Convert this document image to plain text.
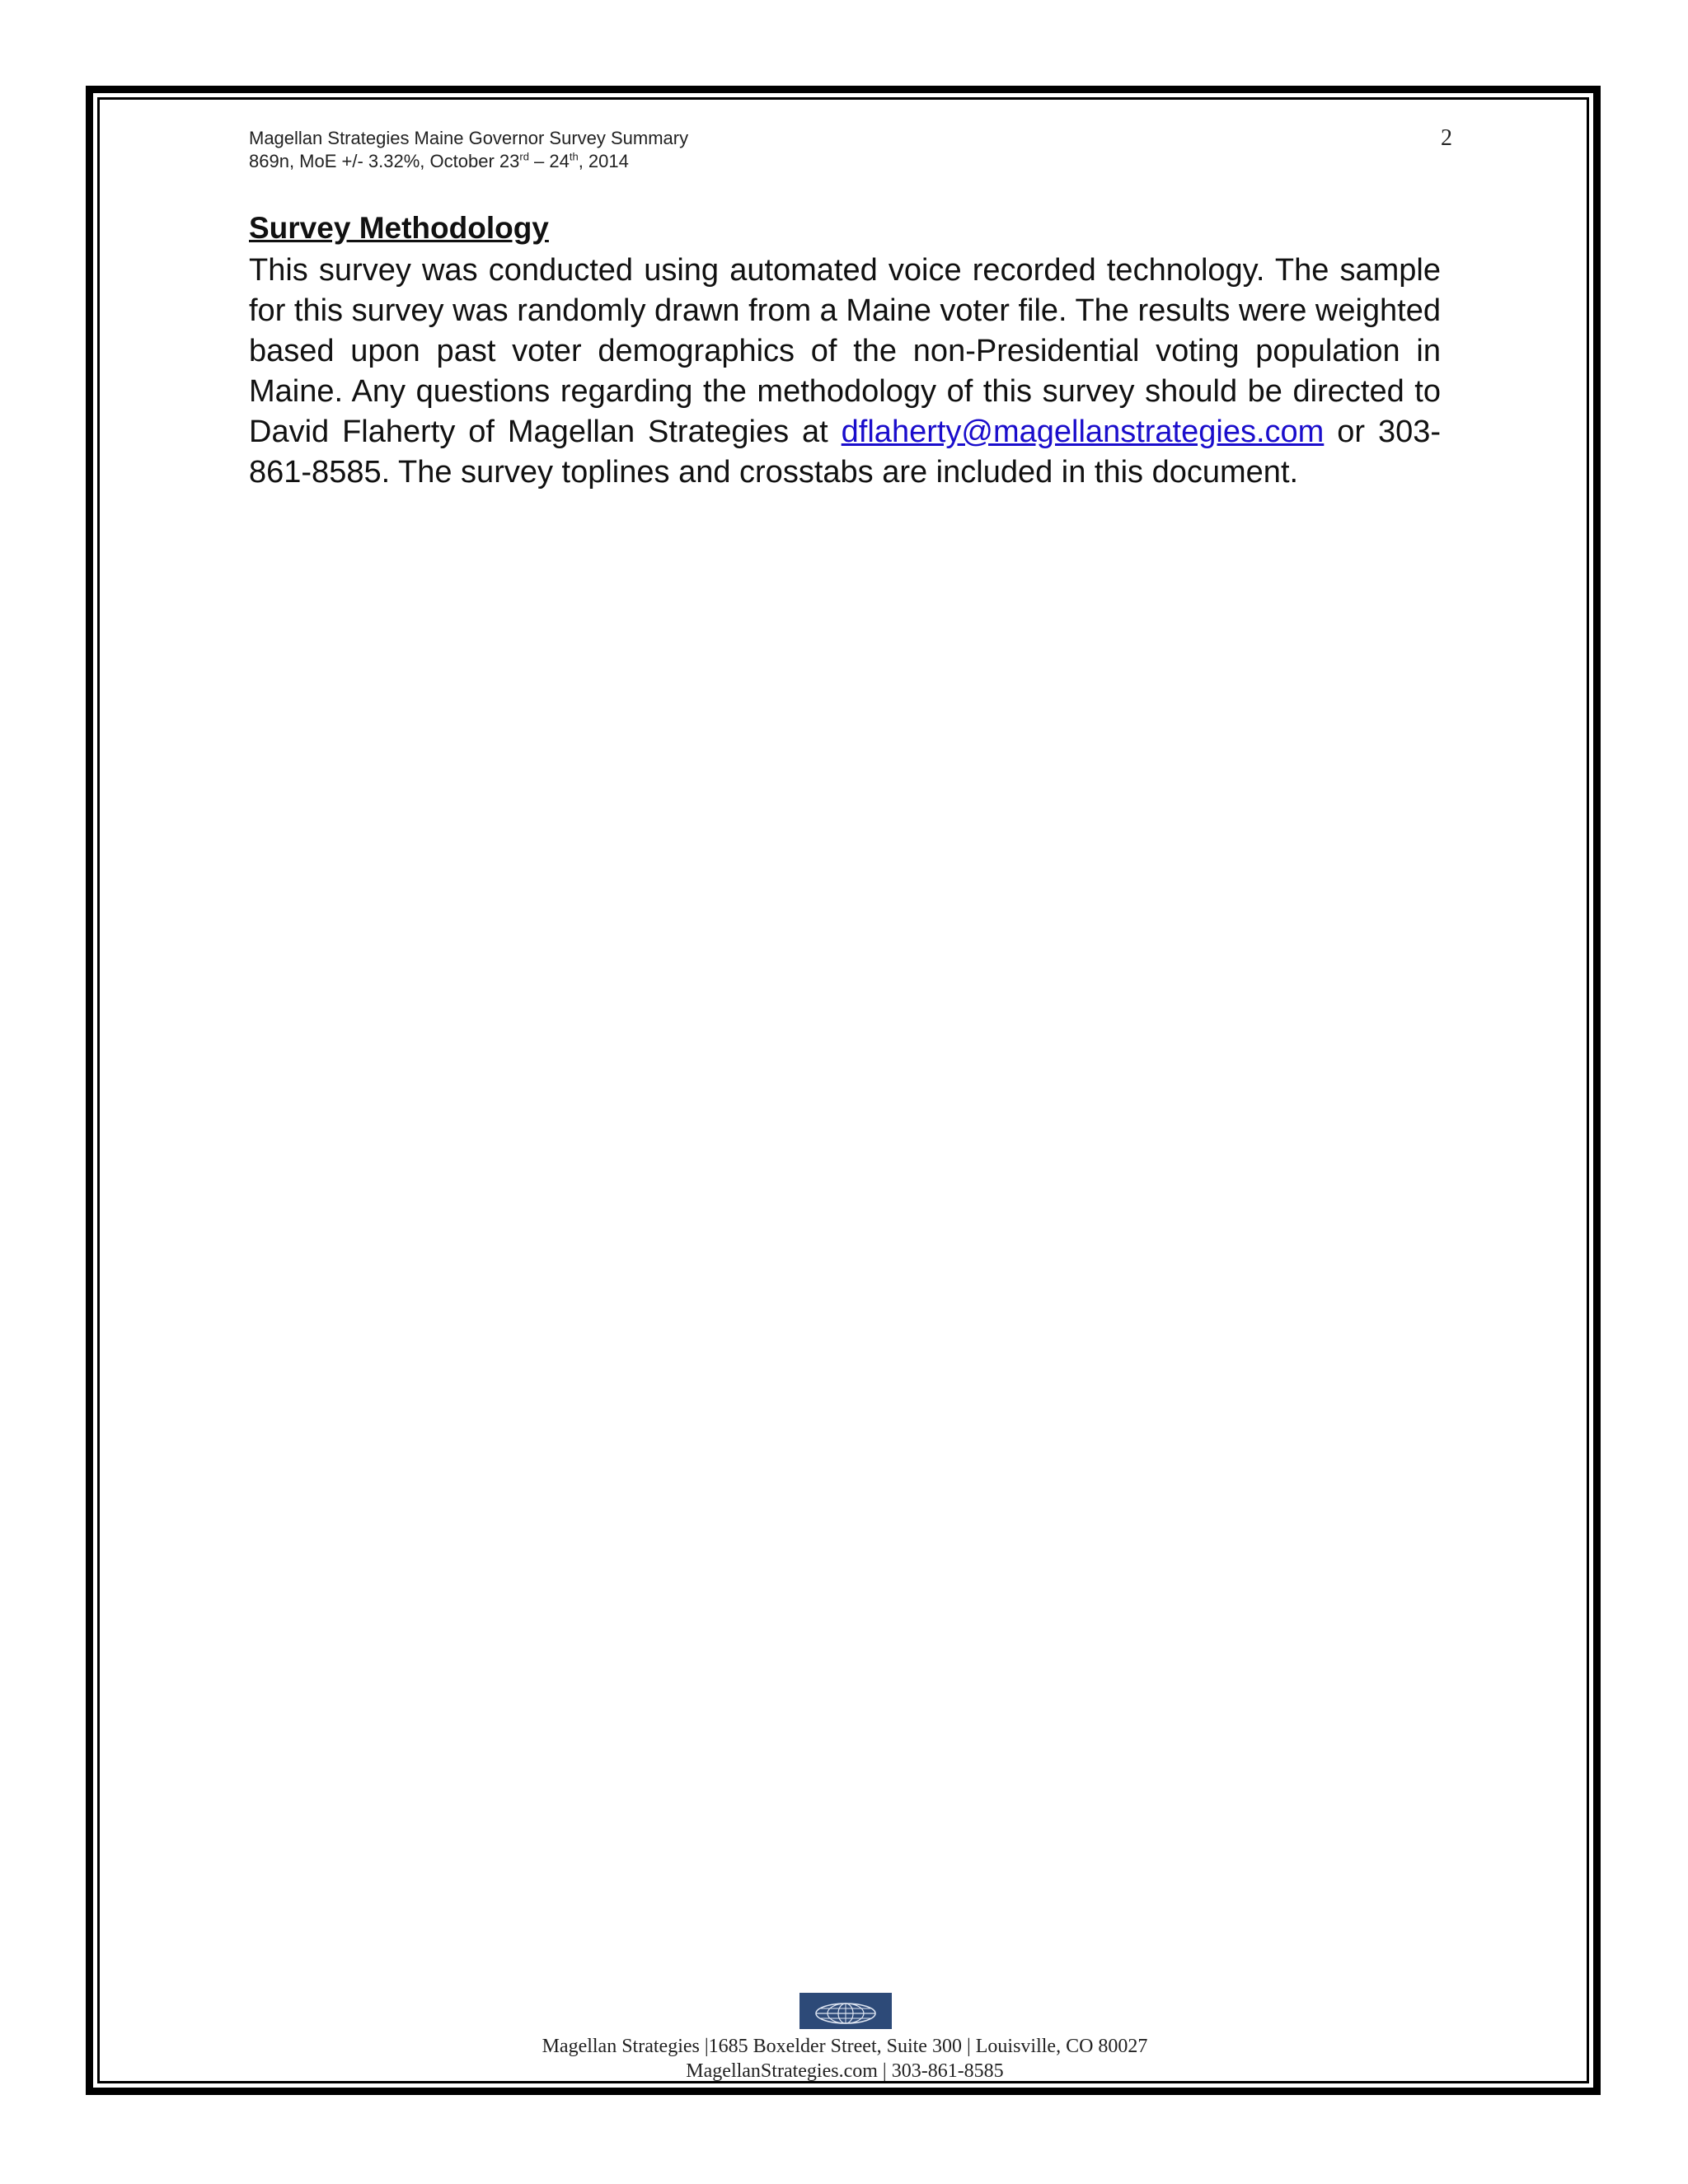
Magellan Strategies Maine Governor Survey Summary
869n, MoE +/- 3.32%, October 23rd – 24th, 2014
2
Survey Methodology

This survey was conducted using automated voice recorded technology. The sample for this survey was randomly drawn from a Maine voter file. The results were weighted based upon past voter demographics of the non-Presidential voting population in Maine. Any questions regarding the methodology of this survey should be directed to David Flaherty of Magellan Strategies at dflaherty@magellanstrategies.com or 303-861-8585. The survey toplines and crosstabs are included in this document.

Magellan Strategies |1685 Boxelder Street, Suite 300 | Louisville, CO 80027
MagellanStrategies.com | 303-861-8585
